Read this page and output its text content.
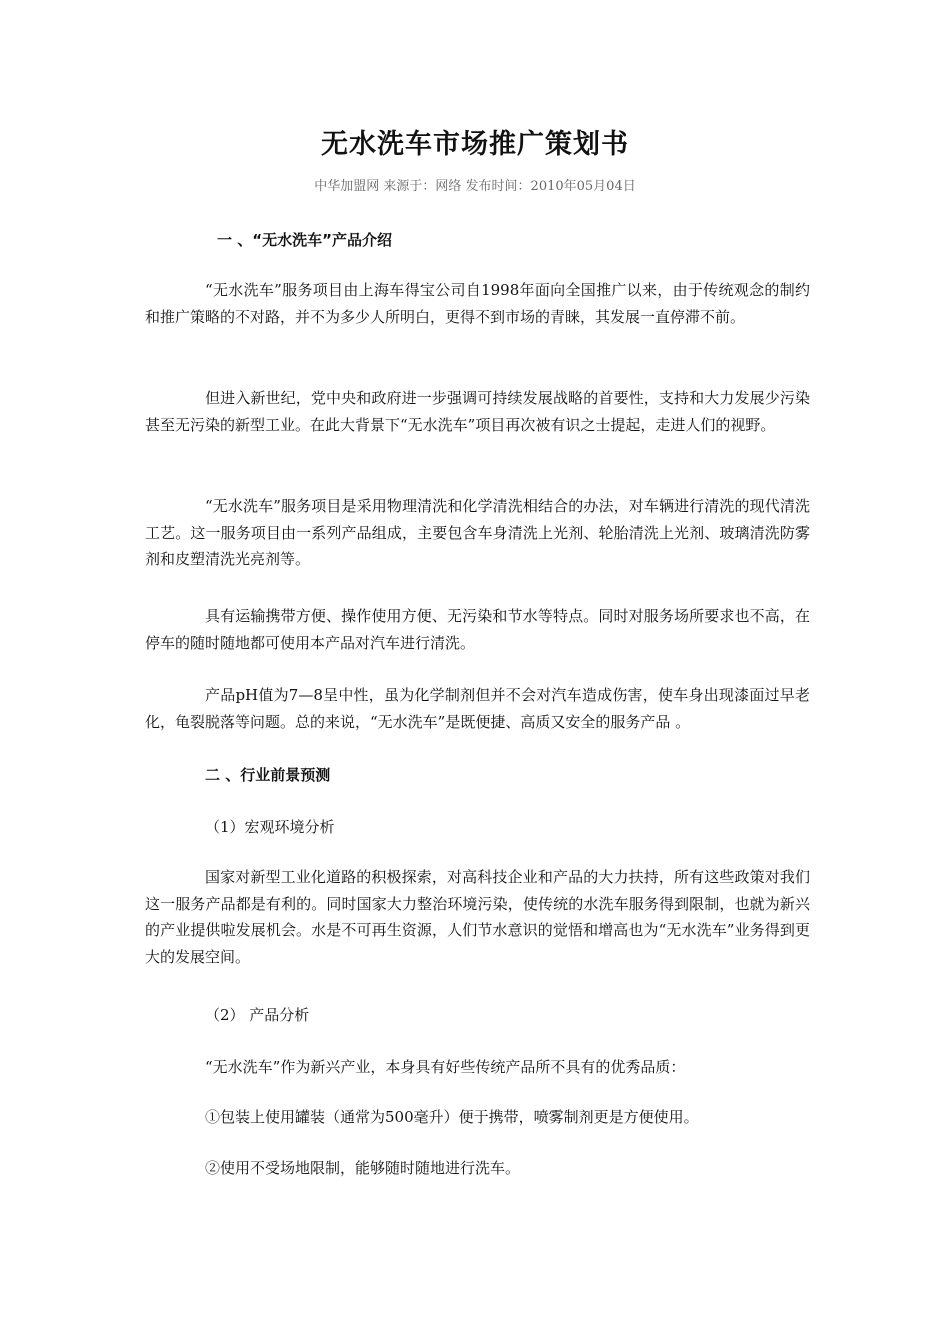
无水洗车市场推广策划书
中华加盟网 来源于：网络 发布时间：2010年05月04日
一 、“无水洗车”产品介绍
“无水洗车”服务项目由上海车得宝公司自1998年面向全国推广以来，由于传统观念的制约和推广策略的不对路，并不为多少人所明白，更得不到市场的青睐，其发展一直停滞不前。
但进入新世纪，党中央和政府进一步强调可持续发展战略的首要性，支持和大力发展少污染甚至无污染的新型工业。在此大背景下“无水洗车”项目再次被有识之士提起，走进人们的视野。
“无水洗车”服务项目是采用物理清洗和化学清洗相结合的办法，对车辆进行清洗的现代清洗工艺。这一服务项目由一系列产品组成，主要包含车身清洗上光剂、轮胎清洗上光剂、玻璃清洗防雾剂和皮塑清洗光亮剂等。
具有运输携带方便、操作使用方便、无污染和节水等特点。同时对服务场所要求也不高，在停车的随时随地都可使用本产品对汽车进行清洗。
产品pH值为7—8呈中性，虽为化学制剂但并不会对汽车造成伤害，使车身出现漆面过早老化，龟裂脱落等问题。总的来说，“无水洗车”是既便捷、高质又安全的服务产品 。
二 、行业前景预测
（1）宏观环境分析
国家对新型工业化道路的积极探索，对高科技企业和产品的大力扶持，所有这些政策对我们这一服务产品都是有利的。同时国家大力整治环境污染，使传统的水洗车服务得到限制，也就为新兴的产业提供啦发展机会。水是不可再生资源，人们节水意识的觉悟和增高也为“无水洗车”业务得到更大的发展空间。
（2） 产品分析
“无水洗车”作为新兴产业，本身具有好些传统产品所不具有的优秀品质：
①包装上使用罐装（通常为500毫升）便于携带，喷雾制剂更是方便使用。
②使用不受场地限制，能够随时随地进行洗车。
